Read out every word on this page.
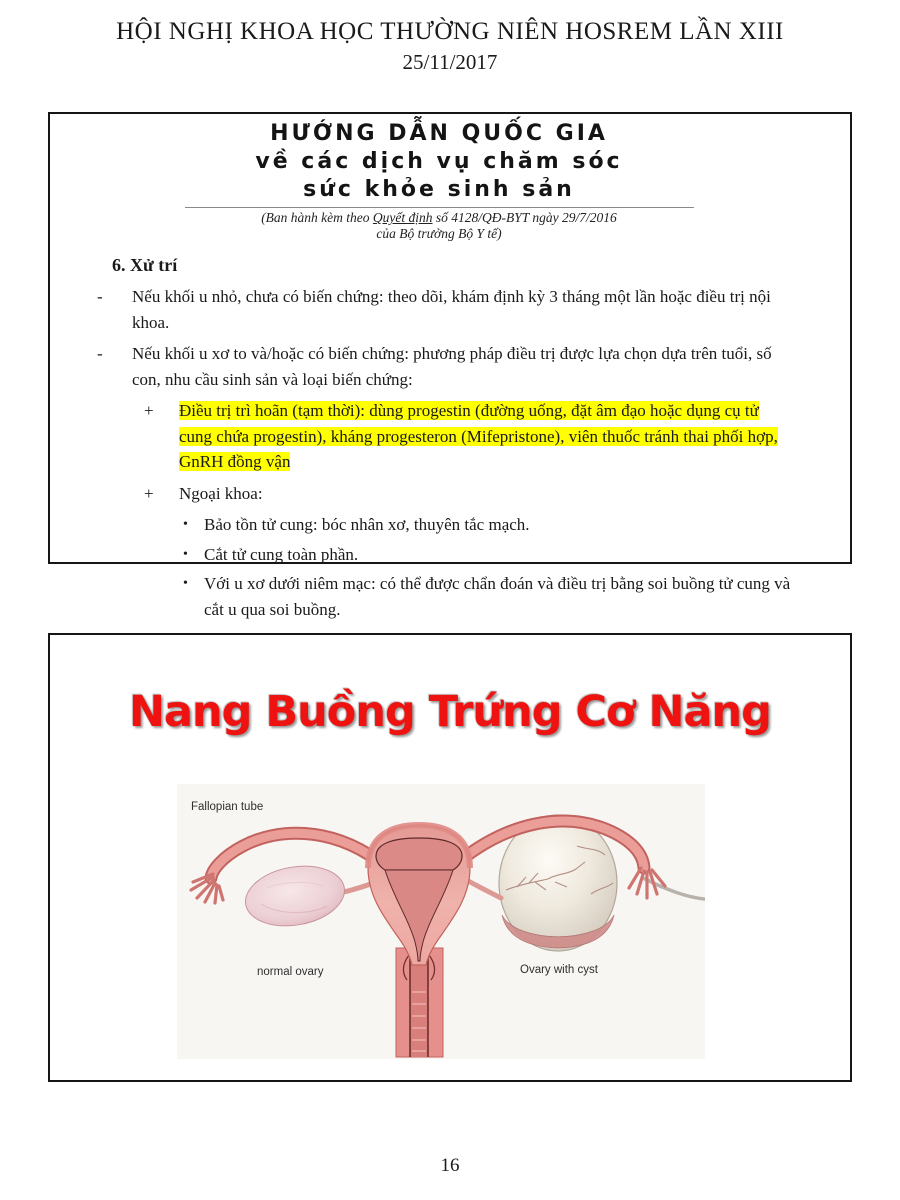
HỘI NGHỊ KHOA HỌC THƯỜNG NIÊN HOSREM LẦN XIII
25/11/2017
HƯỚNG DẪN QUỐC GIA
về các dịch vụ chăm sóc
sức khỏe sinh sản
(Ban hành kèm theo Quyết định số 4128/QĐ-BYT ngày 29/7/2016
của Bộ trưởng Bộ Y tế)
6. Xử trí
- Nếu khối u nhỏ, chưa có biến chứng: theo dõi, khám định kỳ 3 tháng một lần hoặc điều trị nội khoa.
- Nếu khối u xơ to và/hoặc có biến chứng: phương pháp điều trị được lựa chọn dựa trên tuổi, số con, nhu cầu sinh sản và loại biến chứng:
+ Điều trị trì hoãn (tạm thời): dùng progestin (đường uống, đặt âm đạo hoặc dụng cụ tử cung chứa progestin), kháng progesteron (Mifepristone), viên thuốc tránh thai phối hợp, GnRH đồng vận
+ Ngoại khoa:
• Bảo tồn tử cung: bóc nhân xơ, thuyên tắc mạch.
• Cắt tử cung toàn phần.
• Với u xơ dưới niêm mạc: có thể được chẩn đoán và điều trị bằng soi buồng tử cung và cắt u qua soi buồng.
Nang Buồng Trứng Cơ Năng
Fallopian tube
normal ovary	Ovary with cyst
16
